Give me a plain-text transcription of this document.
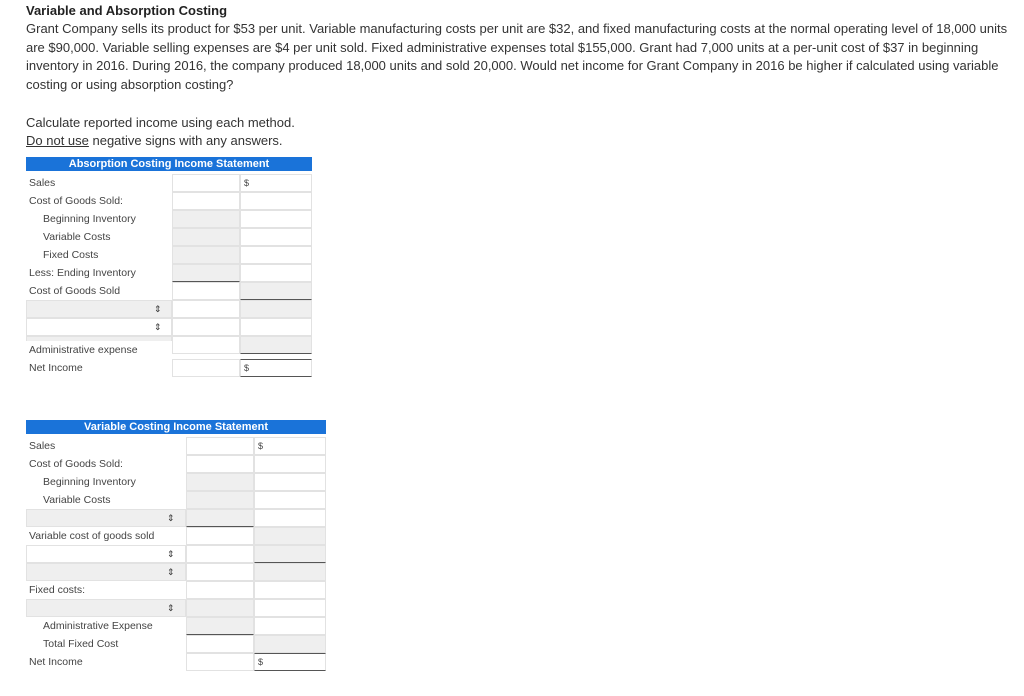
Variable and Absorption Costing
Grant Company sells its product for $53 per unit. Variable manufacturing costs per unit are $32, and fixed manufacturing costs at the normal operating level of 18,000 units are $90,000. Variable selling expenses are $4 per unit sold. Fixed administrative expenses total $155,000. Grant had 7,000 units at a per-unit cost of $37 in beginning inventory in 2016. During 2016, the company produced 18,000 units and sold 20,000. Would net income for Grant Company in 2016 be higher if calculated using variable costing or using absorption costing?
Calculate reported income using each method.
Do not use negative signs with any answers.
Absorption Costing Income Statement
Sales	$
Cost of Goods Sold:
Beginning Inventory
Variable Costs
Fixed Costs
Less: Ending Inventory
Cost of Goods Sold
⇕
⇕
Administrative expense
Net Income	$
Variable Costing Income Statement
Sales	$
Cost of Goods Sold:
Beginning Inventory
Variable Costs
⇕
Variable cost of goods sold
⇕
⇕
Fixed costs:
⇕
Administrative Expense
Total Fixed Cost
Net Income	$
